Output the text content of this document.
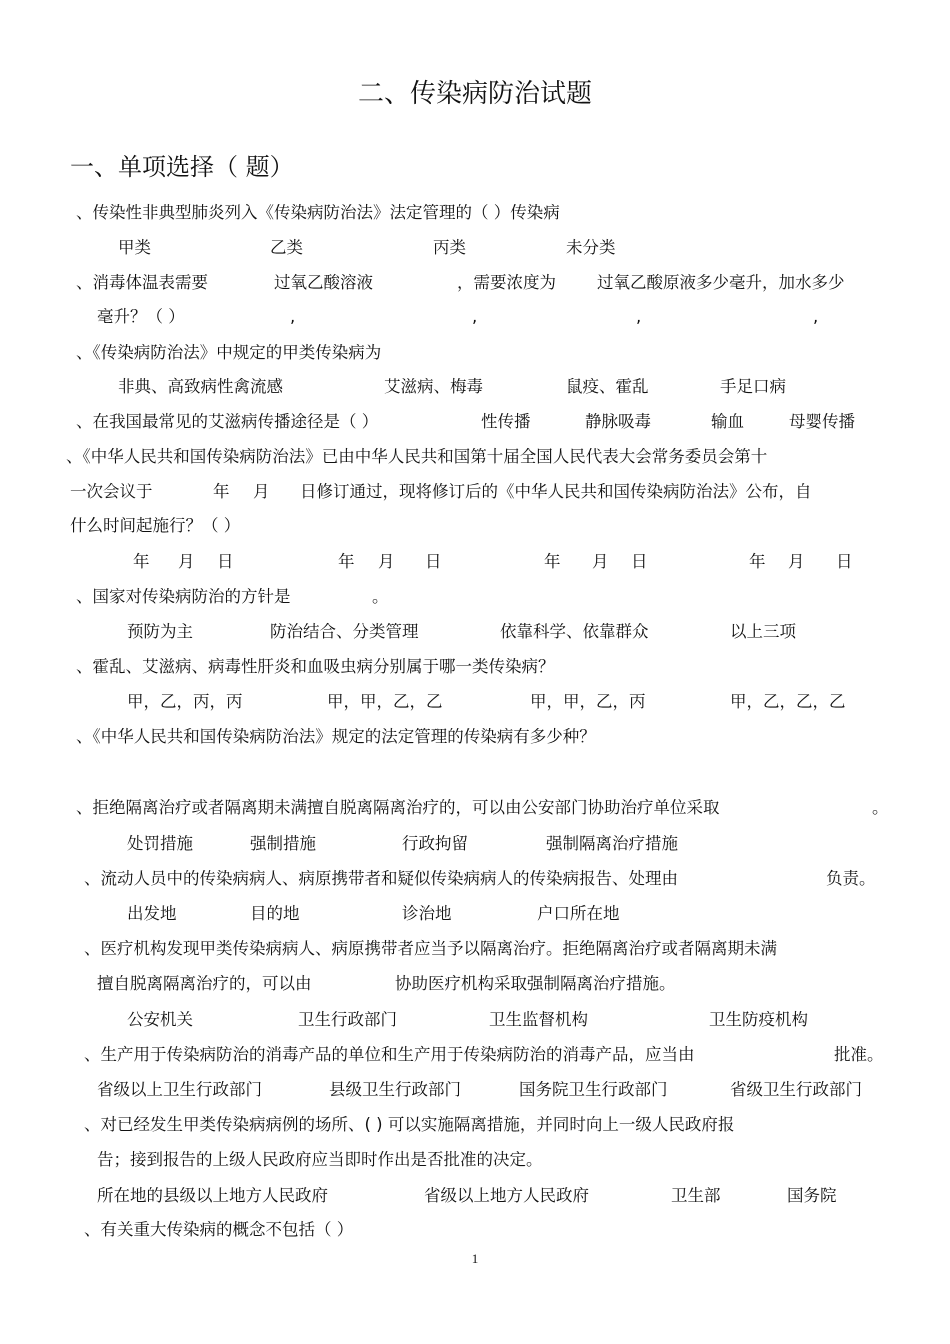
二、传染病防治试题
一、单项选择（ 题）
、传染性非典型肺炎列入《传染病防治法》法定管理的（ ）传染病
甲类	乙类	丙类	未分类
、消毒体温表需要	过氧乙酸溶液	，需要浓度为 过氧乙酸原液多少毫升，加水多少
毫升？（ ）	,	,	,	,
、《传染病防治法》中规定的甲类传染病为
非典、高致病性禽流感	艾滋病、梅毒	鼠疫、霍乱	手足口病
、在我国最常见的艾滋病传播途径是（ ）	性传播	静脉吸毒	输血	母婴传播
、《中华人民共和国传染病防治法》已由中华人民共和国第十届全国人民代表大会常务委员会第十
一次会议于	年 月 日修订通过，现将修订后的《中华人民共和国传染病防治法》公布，自
什么时间起施行？（ ）
年 月 日	年 月 日	年 月 日	年 月 日
、国家对传染病防治的方针是	。
预防为主	防治结合、分类管理	依靠科学、依靠群众	以上三项
、霍乱、艾滋病、病毒性肝炎和血吸虫病分别属于哪一类传染病？
甲，乙，丙，丙	甲，甲，乙，乙	甲，甲，乙，丙	甲，乙，乙，乙
、《中华人民共和国传染病防治法》规定的法定管理的传染病有多少种？
、拒绝隔离治疗或者隔离期未满擅自脱离隔离治疗的，可以由公安部门协助治疗单位采取	。
处罚措施	强制措施	行政拘留	强制隔离治疗措施
、流动人员中的传染病病人、病原携带者和疑似传染病病人的传染病报告、处理由	负责。
出发地	目的地	诊治地	户口所在地
、医疗机构发现甲类传染病病人、病原携带者应当予以隔离治疗。拒绝隔离治疗或者隔离期未满
擅自脱离隔离治疗的，可以由	协助医疗机构采取强制隔离治疗措施。
公安机关	卫生行政部门	卫生监督机构	卫生防疫机构
、生产用于传染病防治的消毒产品的单位和生产用于传染病防治的消毒产品，应当由	批准。
省级以上卫生行政部门	县级卫生行政部门	国务院卫生行政部门	省级卫生行政部门
、对已经发生甲类传染病病例的场所、( ) 可以实施隔离措施，并同时向上一级人民政府报
告；接到报告的上级人民政府应当即时作出是否批准的决定。
所在地的县级以上地方人民政府	省级以上地方人民政府	卫生部	国务院
、有关重大传染病的概念不包括（ ）
1
